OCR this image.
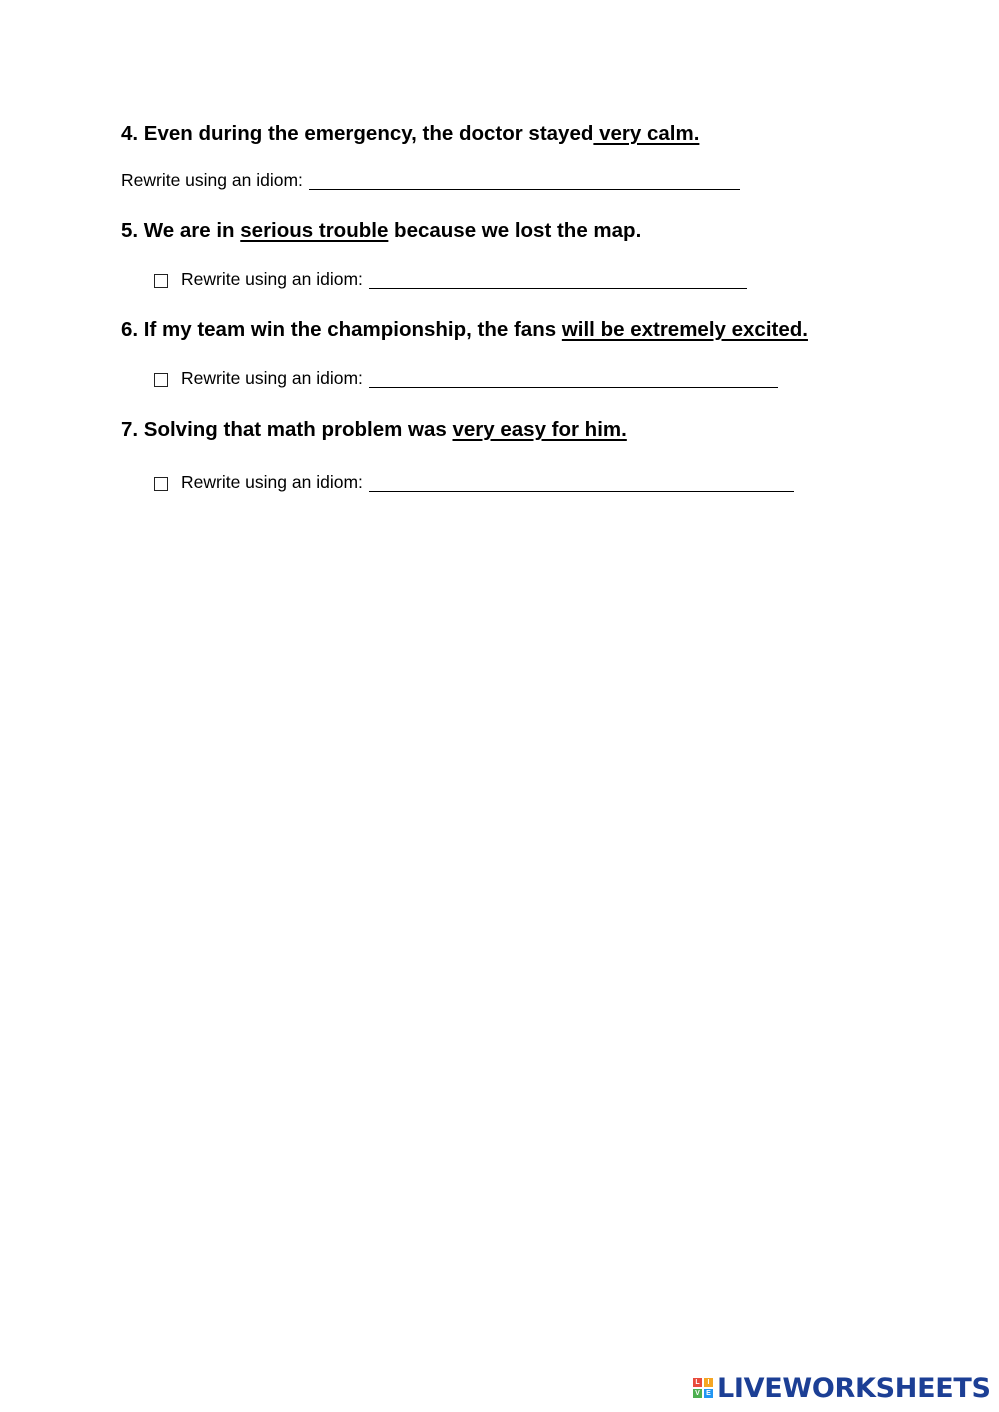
4. Even during the emergency, the doctor stayed very calm.
Rewrite using an idiom:
5. We are in serious trouble because we lost the map.
Rewrite using an idiom:
6. If my team win the championship, the fans will be extremely excited.
Rewrite using an idiom:
7. Solving that math problem was very easy for him.
Rewrite using an idiom:
L	I
V E LIVEWORKSHEETS
